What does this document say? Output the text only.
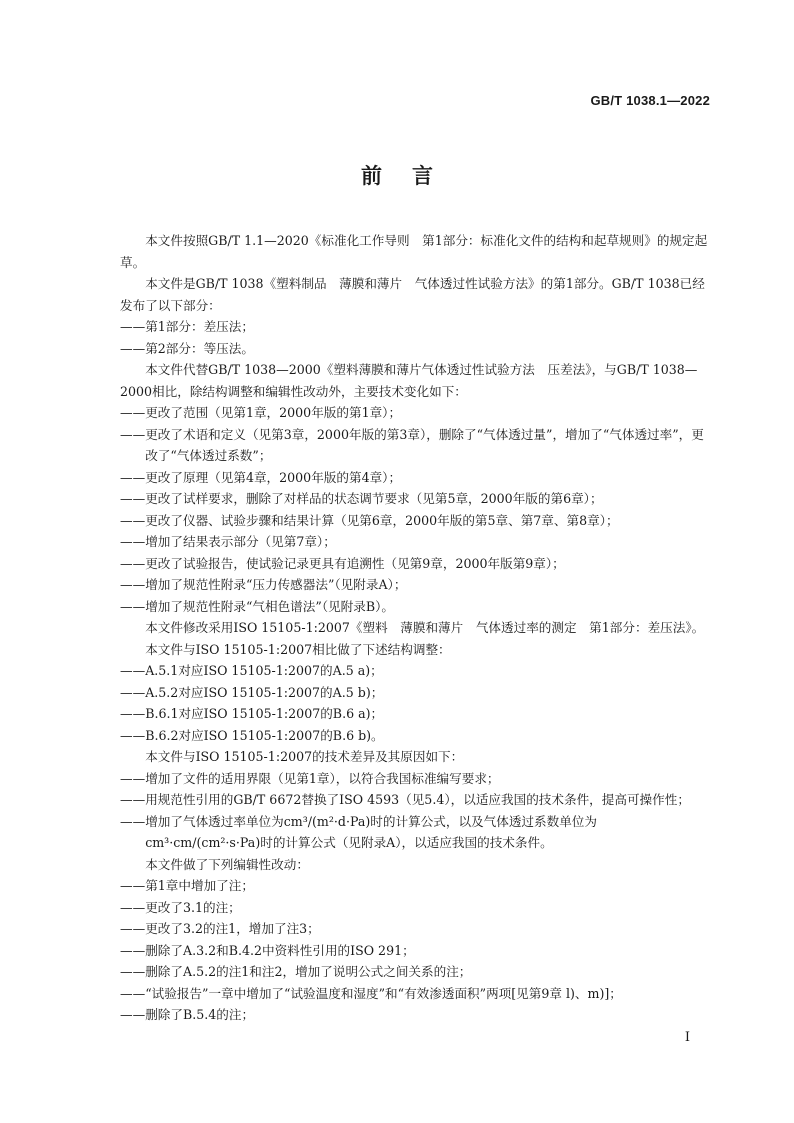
GB/T 1038.1—2022
前言

本文件按照GB/T 1.1—2020《标准化工作导则　第1部分：标准化文件的结构和起草规则》的规定起草。

本文件是GB/T 1038《塑料制品　薄膜和薄片　气体透过性试验方法》的第1部分。GB/T 1038已经发布了以下部分：

——第1部分：差压法；

——第2部分：等压法。

本文件代替GB/T 1038—2000《塑料薄膜和薄片气体透过性试验方法　压差法》，与GB/T 1038—2000相比，除结构调整和编辑性改动外，主要技术变化如下：

——更改了范围（见第1章，2000年版的第1章）；

——更改了术语和定义（见第3章，2000年版的第3章），删除了“气体透过量”，增加了“气体透过率”，更改了“气体透过系数”；

——更改了原理（见第4章，2000年版的第4章）；

——更改了试样要求，删除了对样品的状态调节要求（见第5章，2000年版的第6章）；

——更改了仪器、试验步骤和结果计算（见第6章，2000年版的第5章、第7章、第8章）；

——增加了结果表示部分（见第7章）；

——更改了试验报告，使试验记录更具有追溯性（见第9章，2000年版第9章）；

——增加了规范性附录“压力传感器法”（见附录A）；

——增加了规范性附录“气相色谱法”（见附录B）。

本文件修改采用ISO 15105-1:2007《塑料　薄膜和薄片　气体透过率的测定　第1部分：差压法》。

本文件与ISO 15105-1:2007相比做了下述结构调整：

——A.5.1对应ISO 15105-1:2007的A.5 a)；

——A.5.2对应ISO 15105-1:2007的A.5 b)；

——B.6.1对应ISO 15105-1:2007的B.6 a)；

——B.6.2对应ISO 15105-1:2007的B.6 b)。

本文件与ISO 15105-1:2007的技术差异及其原因如下：

——增加了文件的适用界限（见第1章），以符合我国标准编写要求；

——用规范性引用的GB/T 6672替换了ISO 4593（见5.4），以适应我国的技术条件，提高可操作性；

——增加了气体透过率单位为cm³/(m²·d·Pa)时的计算公式，以及气体透过系数单位为cm³·cm/(cm²·s·Pa)时的计算公式（见附录A），以适应我国的技术条件。

本文件做了下列编辑性改动：

——第1章中增加了注；

——更改了3.1的注；

——更改了3.2的注1，增加了注3；

——删除了A.3.2和B.4.2中资料性引用的ISO 291；

——删除了A.5.2的注1和注2，增加了说明公式之间关系的注；

——“试验报告”一章中增加了“试验温度和湿度”和“有效渗透面积”两项[见第9章 l)、m)]；

——删除了B.5.4的注；

I
